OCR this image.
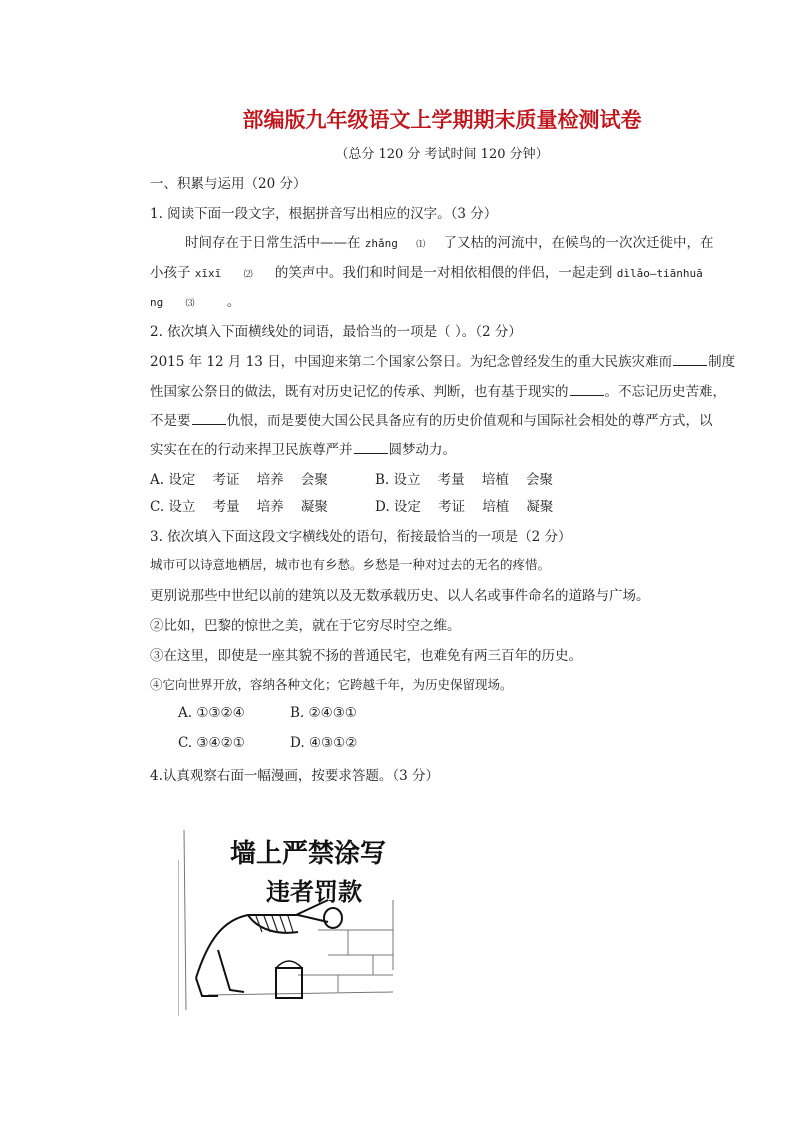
部编版九年级语文上学期期末质量检测试卷
（总分 120 分 考试时间 120 分钟）
一、积累与运用（20 分）
1. 阅读下面一段文字，根据拼音写出相应的汉字。（3 分）
时间存在于日常生活中——在 zhǎng ⑴ 了又枯的河流中，在候鸟的一次次迁徙中，在
小孩子 xīxī ⑵ 的笑声中。我们和时间是一对相依相偎的伴侣，一起走到 dìlǎo—tiānhuā
ng ⑶ 。
2. 依次填入下面横线处的词语，最恰当的一项是（ ）。（2 分）
2015 年 12 月 13 日，中国迎来第二个国家公祭日。为纪念曾经发生的重大民族灾难而	制度
性国家公祭日的做法，既有对历史记忆的传承、判断，也有基于现实的	。不忘记历史苦难，
不是要	仇恨，而是要使大国公民具备应有的历史价值观和与国际社会相处的尊严方式，以
实实在在的行动来捍卫民族尊严并	圆梦动力。
A. 设定    考证    培养    会聚	B. 设立    考量    培植    会聚
C. 设立    考量    培养    凝聚	D. 设定    考证    培植    凝聚
3. 依次填入下面这段文字横线处的语句，衔接最恰当的一项是（2 分）
城市可以诗意地栖居，城市也有乡愁。乡愁是一种对过去的无名的疼惜。
更别说那些中世纪以前的建筑以及无数承载历史、以人名或事件命名的道路与广场。
②比如，巴黎的惊世之美，就在于它穷尽时空之维。
③在这里，即使是一座其貌不扬的普通民宅，也难免有两三百年的历史。
④它向世界开放，容纳各种文化；它跨越千年，为历史保留现场。
A. ①③②④	B. ②④③①
C. ③④②①	D. ④③①②
4.认真观察右面一幅漫画，按要求答题。（3 分）
墙上严禁涂写
违者罚款
